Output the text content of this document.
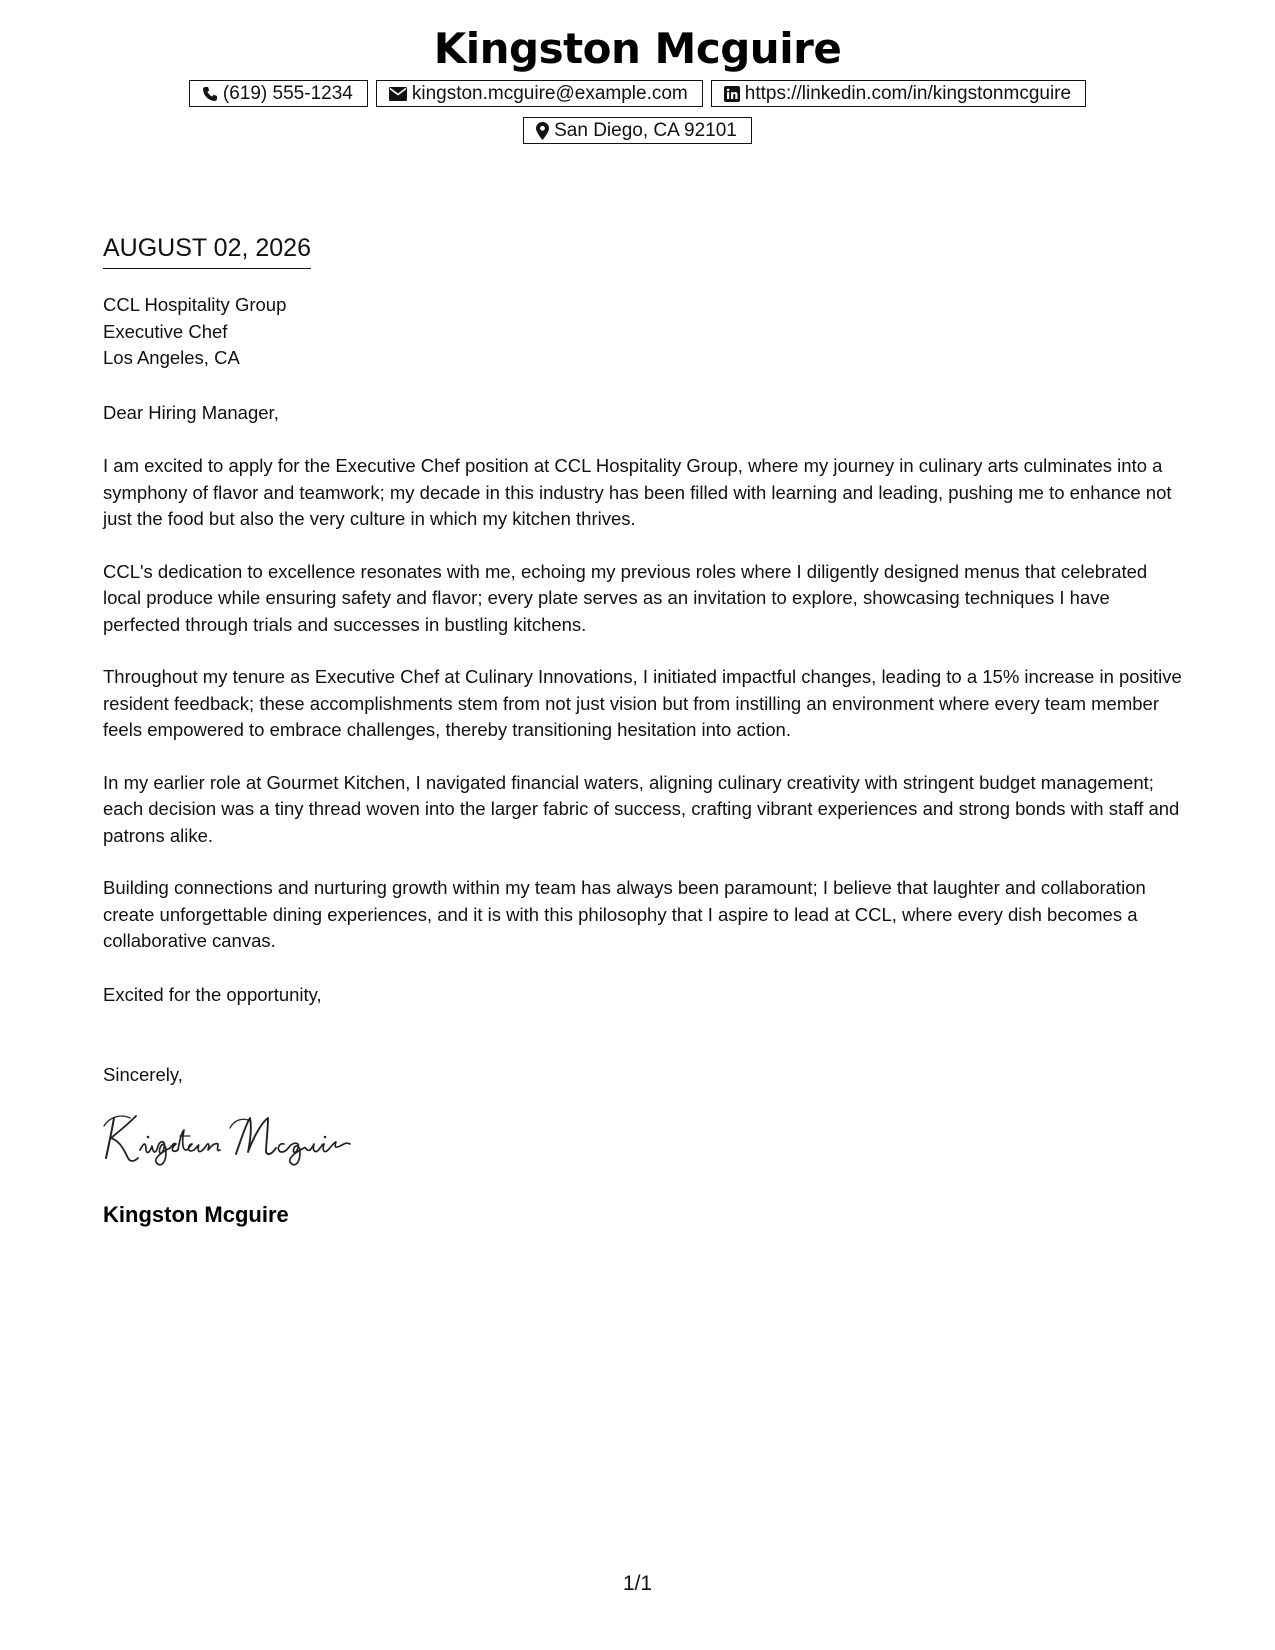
Kingston Mcguire
(619) 555-1234	kingston.mcguire@example.com	https://linkedin.com/in/kingstonmcguire
San Diego, CA 92101
AUGUST 02, 2026
CCL Hospitality Group
Executive Chef
Los Angeles, CA
Dear Hiring Manager,

I am excited to apply for the Executive Chef position at CCL Hospitality Group, where my journey in culinary arts culminates into a symphony of flavor and teamwork; my decade in this industry has been filled with learning and leading, pushing me to enhance not just the food but also the very culture in which my kitchen thrives.

CCL's dedication to excellence resonates with me, echoing my previous roles where I diligently designed menus that celebrated local produce while ensuring safety and flavor; every plate serves as an invitation to explore, showcasing techniques I have perfected through trials and successes in bustling kitchens.

Throughout my tenure as Executive Chef at Culinary Innovations, I initiated impactful changes, leading to a 15% increase in positive resident feedback; these accomplishments stem from not just vision but from instilling an environment where every team member feels empowered to embrace challenges, thereby transitioning hesitation into action.

In my earlier role at Gourmet Kitchen, I navigated financial waters, aligning culinary creativity with stringent budget management; each decision was a tiny thread woven into the larger fabric of success, crafting vibrant experiences and strong bonds with staff and patrons alike.

Building connections and nurturing growth within my team has always been paramount; I believe that laughter and collaboration create unforgettable dining experiences, and it is with this philosophy that I aspire to lead at CCL, where every dish becomes a collaborative canvas.

Excited for the opportunity,
Sincerely,
Kingston Mcguire
1/1
